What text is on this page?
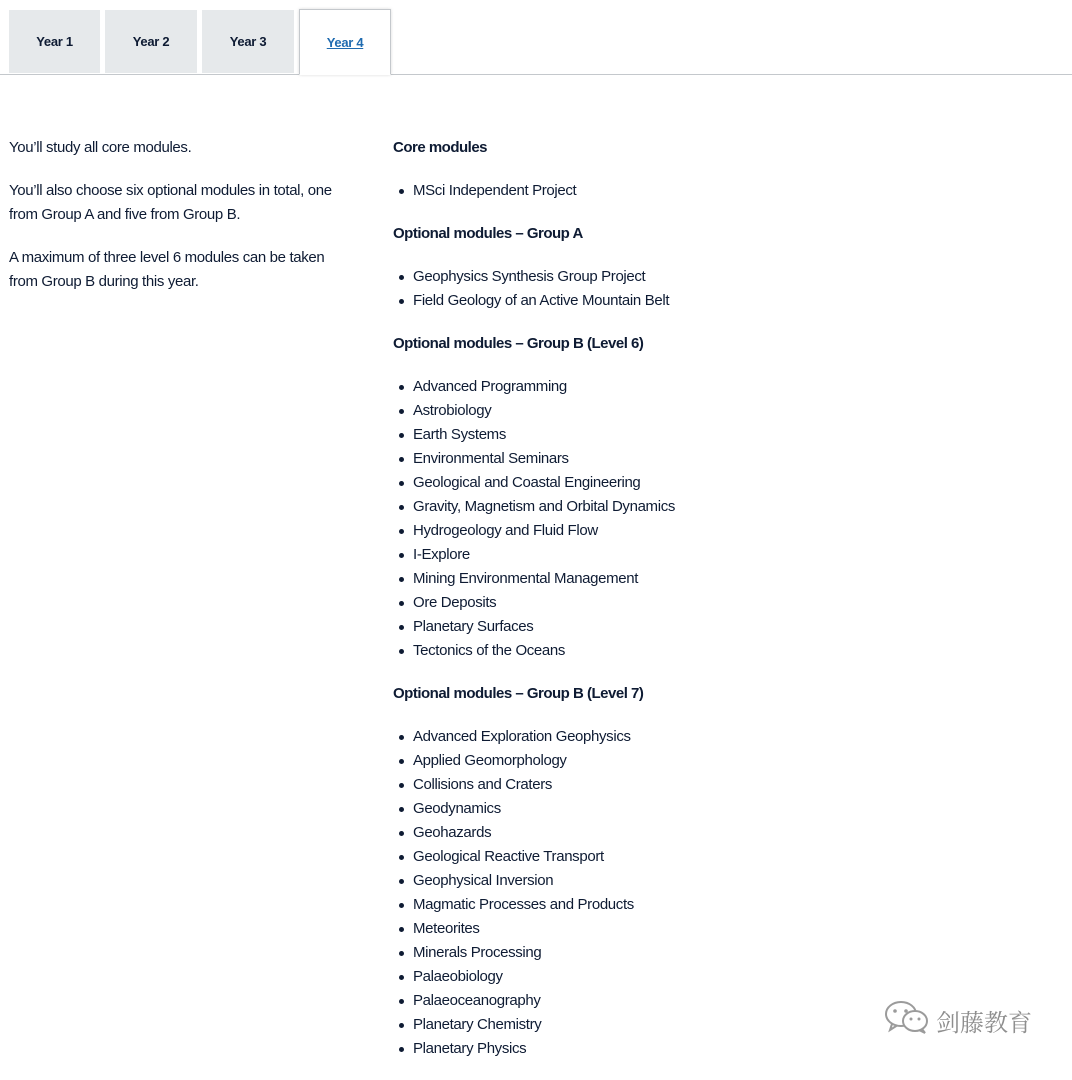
Year 1	Year 2	Year 3	Year 4

You’ll study all core modules.

You’ll also choose six optional modules in total, one from Group A and five from Group B.

A maximum of three level 6 modules can be taken from Group B during this year.

Core modules
MSci Independent Project
Optional modules – Group A
Geophysics Synthesis Group Project
Field Geology of an Active Mountain Belt
Optional modules – Group B (Level 6)
Advanced Programming
Astrobiology
Earth Systems
Environmental Seminars
Geological and Coastal Engineering
Gravity, Magnetism and Orbital Dynamics
Hydrogeology and Fluid Flow
I-Explore
Mining Environmental Management
Ore Deposits
Planetary Surfaces
Tectonics of the Oceans
Optional modules – Group B (Level 7)
Advanced Exploration Geophysics
Applied Geomorphology
Collisions and Craters
Geodynamics
Geohazards
Geological Reactive Transport
Geophysical Inversion
Magmatic Processes and Products
Meteorites
Minerals Processing
Palaeobiology
Palaeoceanography
Planetary Chemistry
Planetary Physics
剑藤教育
